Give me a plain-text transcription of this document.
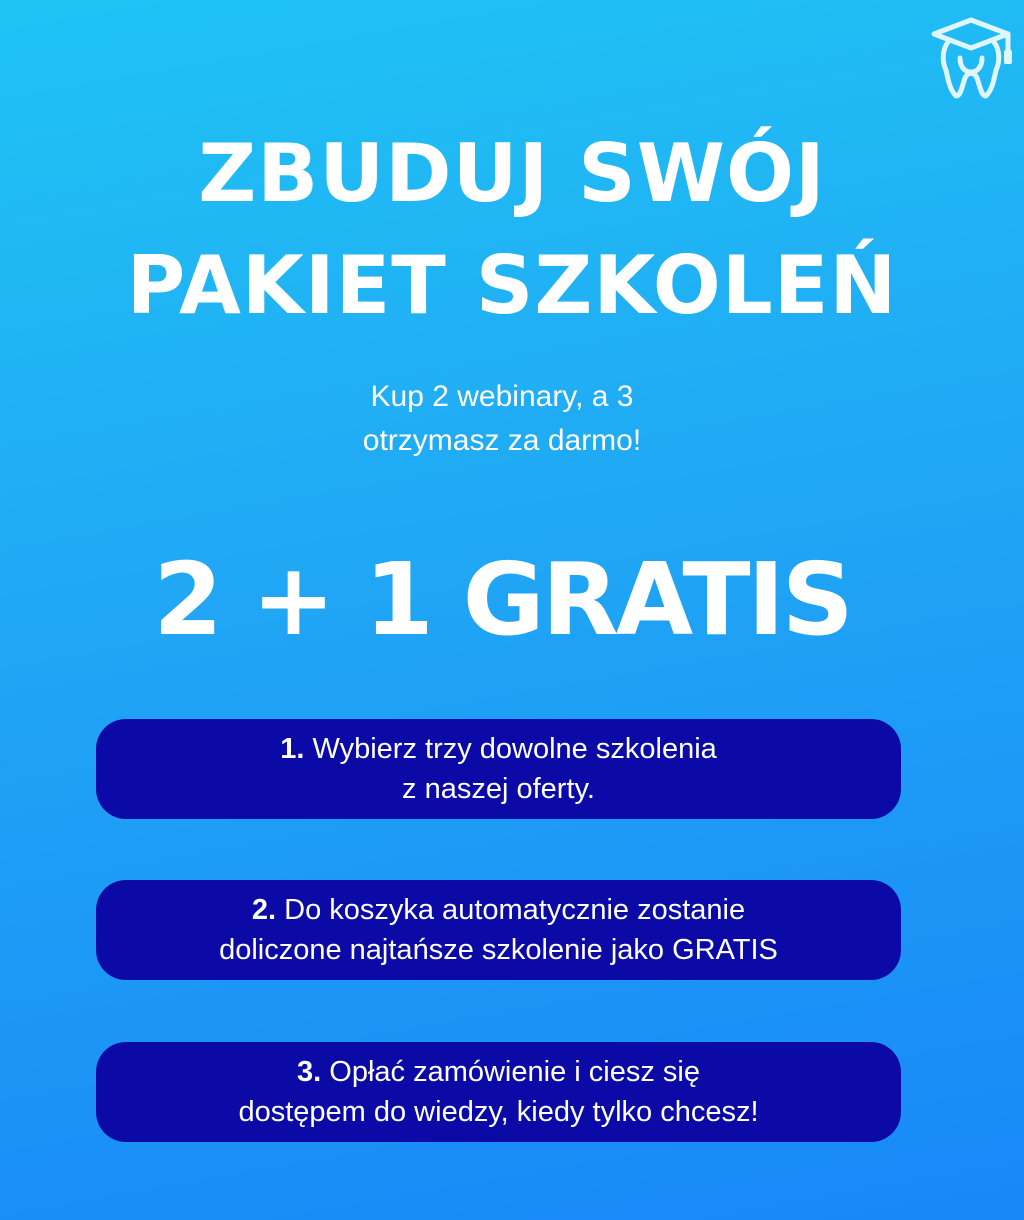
ZBUDUJ SWÓJ
PAKIET SZKOLEŃ

Kup 2 webinary, a 3

otrzymasz za darmo!

2 + 1 GRATIS
1. Wybierz trzy dowolne szkolenia
z naszej oferty.
2. Do koszyka automatycznie zostanie
doliczone najtańsze szkolenie jako GRATIS
3. Opłać zamówienie i ciesz się
dostępem do wiedzy, kiedy tylko chcesz!
